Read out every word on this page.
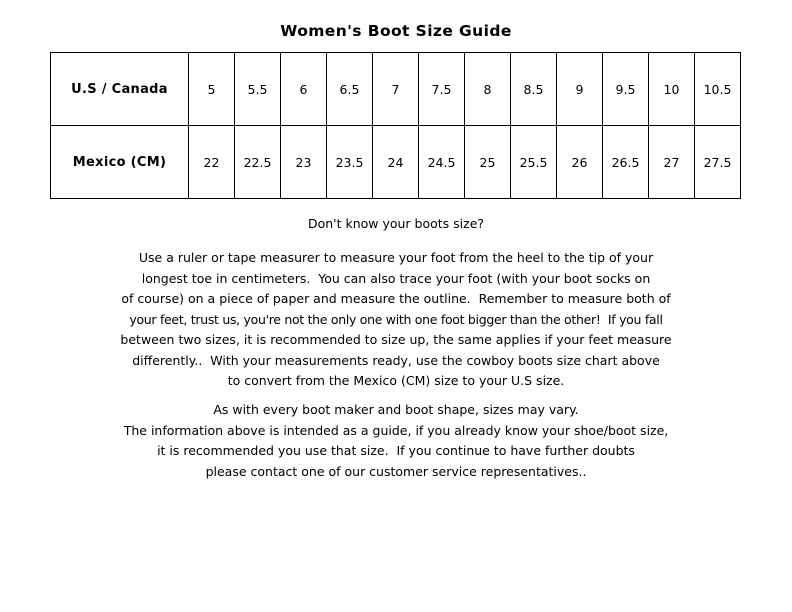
Women's Boot Size Guide
U.S / Canada	5	5.5	6	6.5	7	7.5	8	8.5	9	9.5	10	10.5
Mexico (CM)	22	22.5	23	23.5	24	24.5	25	25.5	26	26.5	27	27.5
Don't know your boots size?
Use a ruler or tape measurer to measure your foot from the heel to the tip of your
longest toe in centimeters.  You can also trace your foot (with your boot socks on
of course) on a piece of paper and measure the outline.  Remember to measure both of
your feet, trust us, you're not the only one with one foot bigger than the other!  If you fall
between two sizes, it is recommended to size up, the same applies if your feet measure
differently..  With your measurements ready, use the cowboy boots size chart above
to convert from the Mexico (CM) size to your U.S size.
As with every boot maker and boot shape, sizes may vary.
The information above is intended as a guide, if you already know your shoe/boot size,
it is recommended you use that size.  If you continue to have further doubts
please contact one of our customer service representatives..
